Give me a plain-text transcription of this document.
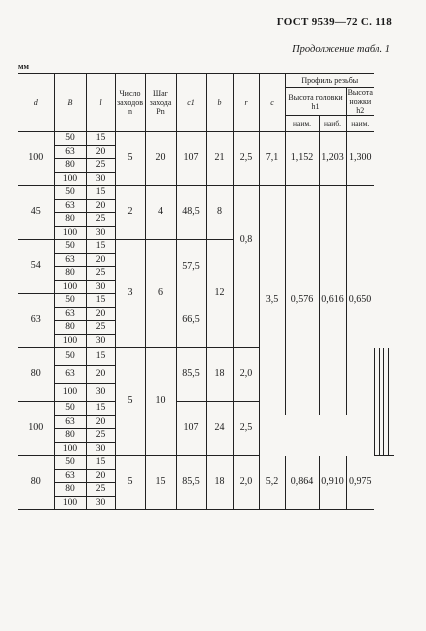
ГОСТ 9539—72 С. 118
Продолжение табл. 1
мм
d	B	l	Число заходов n	Шаг захода Pn	c1	b	r	c	Профиль резьбы						
									Высота головки h1		Высота ножки h2				
									наим.	наиб.	наим.				
100	50	15	5	20	107	21	2,5	7,1	1,152	1,203	1,300				
	63	20													
	80	25													
	100	30													
45	50	15	2	4	48,5	8	0,8	3,5	0,576	0,616	0,650				
	63	20													
	80	25													
	100	30													
54	50	15	3	6	57,5	12									
	63	20													
	80	25													
	100	30													
63	50	15			66,5										
	63	20													
	80	25													
	100	30													
80	50	15	5	10	85,5	18	2,0								
	63	20													
	100	30													
100	50	15			107	24	2,5								
	63	20													
	80	25													
	100	30													
80	50	15	5	15	85,5	18	2,0	5,2	0,864	0,910	0,975				
	63	20													
	80	25													
	100	30													
